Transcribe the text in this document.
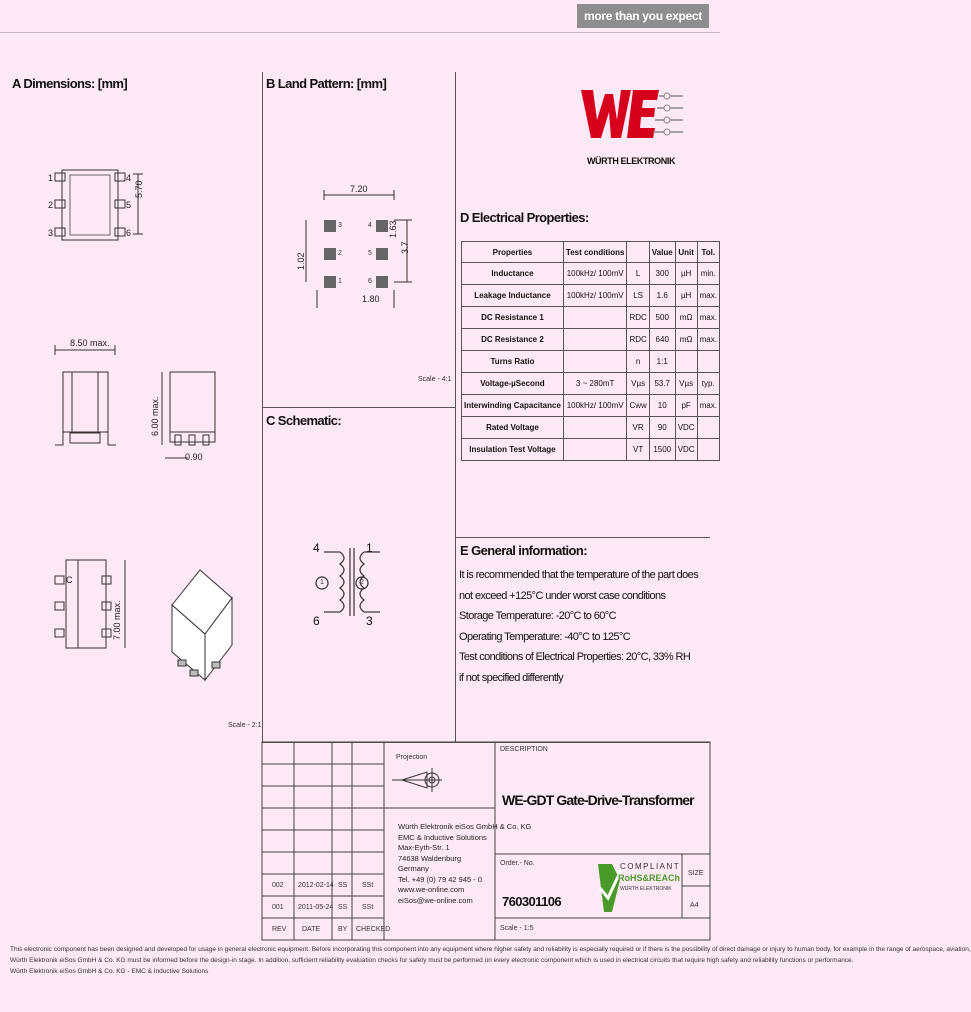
more than you expect
A Dimensions: [mm]	B Land Pattern: [mm]
C Schematic:
D Electrical Properties:
E General information:
WÜRTH ELEKTRONIK
1
2
3
4
5
6
5.70
8.50 max.
6.00 max.
0.90
C
7.00 max.
Scale - 2:1
7.20
1.02
1.63
3.7
1.80
3
2
1
4
5
6
Scale - 4:1
4	1
6	3
1	2
Properties	Test conditions		Value	Unit	Tol.
Inductance	100kHz/ 100mV	L	300	µH	min.
Leakage Inductance	100kHz/ 100mV	LS	1.6	µH	max.
DC Resistance 1		RDC	500	mΩ	max.
DC Resistance 2		RDC	640	mΩ	max.
Turns Ratio		n	1:1		
Voltage-µSecond	3 ~ 280mT	Vµs	53.7	Vµs	typ.
Interwinding Capacitance	100kHz/ 100mV	Cww	10	pF	max.
Rated Voltage		VR	90	VDC	
Insulation Test Voltage		VT	1500	VDC	
It is recommended that the temperature of the part does
not exceed +125°C under worst case conditions
Storage Temperature: -20°C to 60°C
Operating Temperature: -40°C to 125°C
Test conditions of Electrical Properties: 20°C, 33% RH
if not specified differently
Projection
Würth Elektronik eiSos GmbH & Co. KG
EMC & Inductive Solutions
Max-Eyth-Str. 1
74638 Waldenburg
Germany
Tel. +49 (0) 79 42 945 - 0
www.we-online.com
eiSos@we-online.com
DESCRIPTION
WE-GDT Gate-Drive-Transformer
Order.- No.
760301106
COMPLIANT
RoHS&REACh
WÜRTH ELEKTRONIK
SIZE
A4
Scale - 1:5
002 2012-02-14 SS SSt
001 2011-05-24 SS SSt
REV DATE	BY CHECKED
This electronic component has been designed and developed for usage in general electronic equipment. Before incorporating this component into any equipment where higher safety and reliability is especially required or if there is the possibility of direct damage or injury to human body, for example in the range of aerospace, aviation,
Würth Elektronik eiSos GmbH & Co. KG must be informed before the design-in stage. In addition, sufficient reliability evaluation checks for safety must be performed on every electronic component which is used in electrical circuits that require high safety and reliability functions or performance.
Würth Elektronik eiSos GmbH & Co. KG - EMC & Inductive Solutions
